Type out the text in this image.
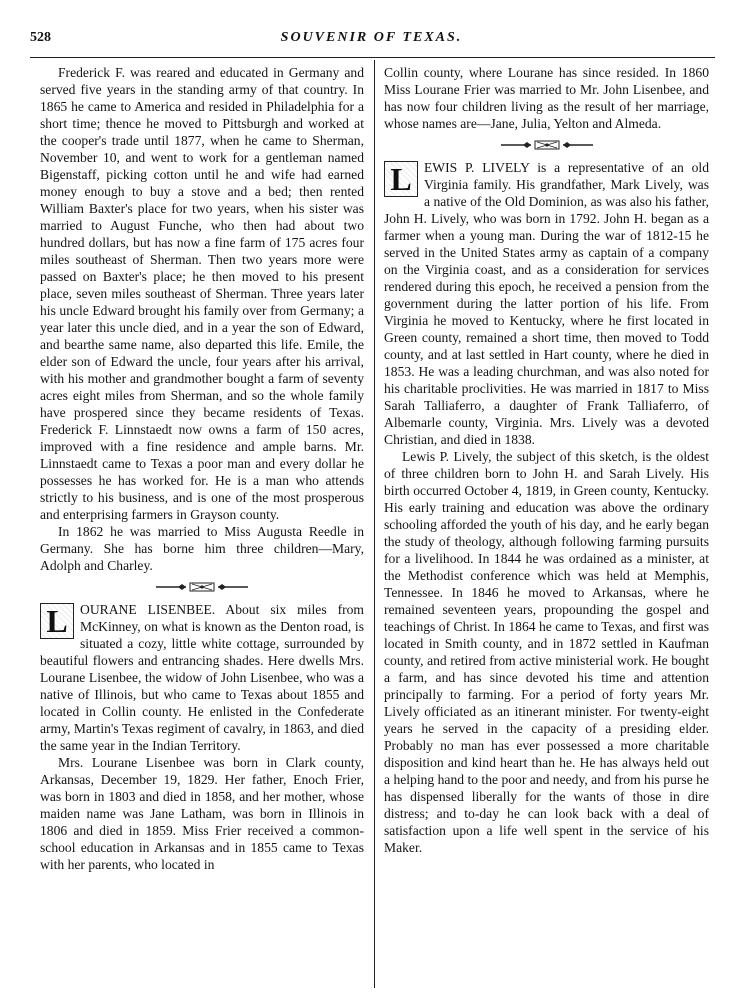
528	SOUVENIR OF TEXAS.

Frederick F. was reared and educated in Germany and served five years in the standing army of that country. In 1865 he came to America and resided in Philadelphia for a short time; thence he moved to Pittsburgh and worked at the cooper's trade until 1877, when he came to Sherman, November 10, and went to work for a gentleman named Bigenstaff, picking cotton until he and wife had earned money enough to buy a stove and a bed; then rented William Baxter's place for two years, when his sister was married to August Funche, who then had about two hundred dollars, but has now a fine farm of 175 acres four miles southeast of Sherman. Then two years more were passed on Baxter's place; he then moved to his present place, seven miles southeast of Sherman. Three years later his uncle Edward brought his family over from Germany; a year later this uncle died, and in a year the son of Edward, and bearthe same name, also departed this life. Emile, the elder son of Edward the uncle, four years after his arrival, with his mother and grandmother bought a farm of seventy acres eight miles from Sherman, and so the whole family have prospered since they became residents of Texas. Frederick F. Linnstaedt now owns a farm of 150 acres, improved with a fine residence and ample barns. Mr. Linnstaedt came to Texas a poor man and every dollar he possesses he has worked for. He is a man who attends strictly to his business, and is one of the most prosperous and enterprising farmers in Grayson county.

In 1862 he was married to Miss Augusta Reedle in Germany. She has borne him three children—Mary, Adolph and Charley.

L OURANE LISENBEE. About six miles from McKinney, on what is known as the Denton road, is situated a cozy, little white cottage, surrounded by beautiful flowers and entrancing shades. Here dwells Mrs. Lourane Lisenbee, the widow of John Lisenbee, who was a native of Illinois, but who came to Texas about 1855 and located in Collin county. He enlisted in the Confederate army, Martin's Texas regiment of cavalry, in 1863, and died the same year in the Indian Territory.

Mrs. Lourane Lisenbee was born in Clark county, Arkansas, December 19, 1829. Her father, Enoch Frier, was born in 1803 and died in 1858, and her mother, whose maiden name was Jane Latham, was born in Illinois in 1806 and died in 1859. Miss Frier received a common-school education in Arkansas and in 1855 came to Texas with her parents, who located in

Collin county, where Lourane has since resided. In 1860 Miss Lourane Frier was married to Mr. John Lisenbee, and has now four children living as the result of her marriage, whose names are—Jane, Julia, Yelton and Almeda.

L EWIS P. LIVELY is a representative of an old Virginia family. His grandfather, Mark Lively, was a native of the Old Dominion, as was also his father, John H. Lively, who was born in 1792. John H. began as a farmer when a young man. During the war of 1812-15 he served in the United States army as captain of a company on the Virginia coast, and as a consideration for services rendered during this epoch, he received a pension from the government during the latter portion of his life. From Virginia he moved to Kentucky, where he first located in Green county, remained a short time, then moved to Todd county, and at last settled in Hart county, where he died in 1853. He was a leading churchman, and was also noted for his charitable proclivities. He was married in 1817 to Miss Sarah Talliaferro, a daughter of Frank Talliaferro, of Albemarle county, Virginia. Mrs. Lively was a devoted Christian, and died in 1838.

Lewis P. Lively, the subject of this sketch, is the oldest of three children born to John H. and Sarah Lively. His birth occurred October 4, 1819, in Green county, Kentucky. His early training and education was above the ordinary schooling afforded the youth of his day, and he early began the study of theology, although following farming pursuits for a livelihood. In 1844 he was ordained as a minister, at the Methodist conference which was held at Memphis, Tennessee. In 1846 he moved to Arkansas, where he remained seventeen years, propounding the gospel and teachings of Christ. In 1864 he came to Texas, and first was located in Smith county, and in 1872 settled in Kaufman county, and retired from active ministerial work. He bought a farm, and has since devoted his time and attention principally to farming. For a period of forty years Mr. Lively officiated as an itinerant minister. For twenty-eight years he served in the capacity of a presiding elder. Probably no man has ever possessed a more charitable disposition and kind heart than he. He has always held out a helping hand to the poor and needy, and from his purse he has dispensed liberally for the wants of those in dire distress; and to-day he can look back with a deal of satisfaction upon a life well spent in the service of his Maker.
